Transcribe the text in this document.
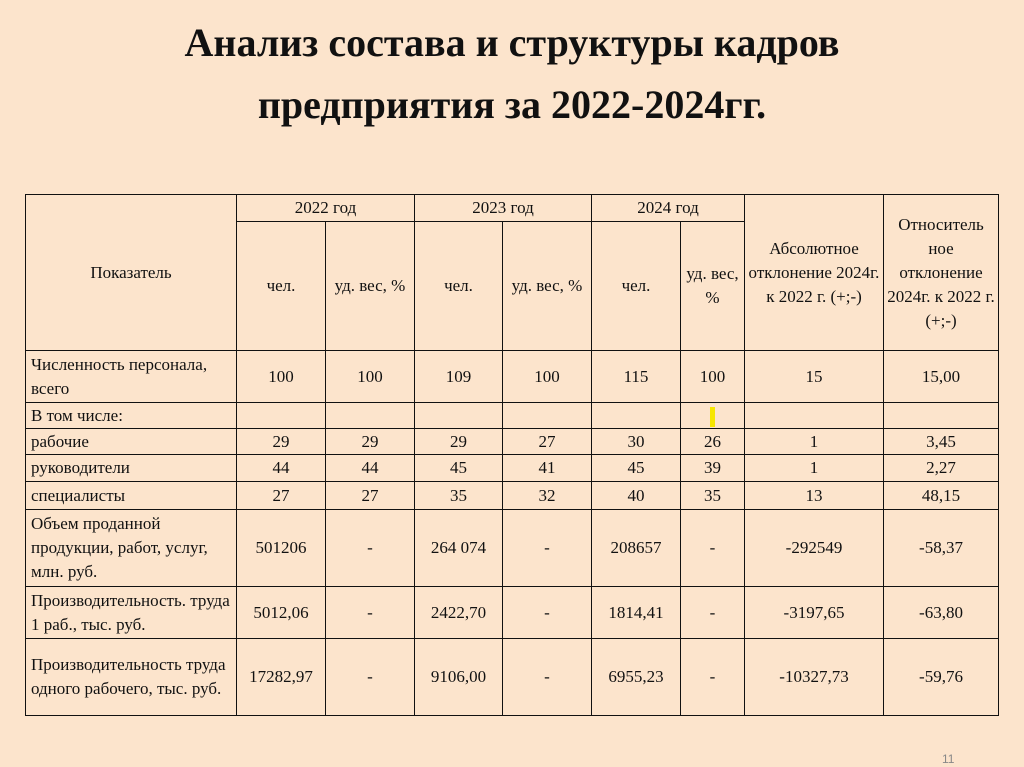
Анализ состава и структуры кадров
предприятия за 2022-2024гг.
Показатель	2022 год		2023 год		2024 год		Абсолютное отклонение 2024г. к 2022 г. (+;-)	Относитель ное отклонение 2024г. к 2022 г. (+;-)
	чел.	уд. вес, %	чел.	уд. вес, %	чел.	уд. вес, %		
Численность персонала, всего	100	100	109	100	115	100	15	15,00
В том числе:								
рабочие	29	29	29	27	30	26	1	3,45
руководители	44	44	45	41	45	39	1	2,27
специалисты	27	27	35	32	40	35	13	48,15
Объем проданной продукции, работ, услуг, млн. руб.	501206	-	264 074	-	208657	-	-292549	-58,37
Производительность. труда 1 раб., тыс. руб.	5012,06	-	2422,70	-	1814,41	-	-3197,65	-63,80
Производительность труда одного рабочего, тыс. руб.	17282,97	-	9106,00	-	6955,23	-	-10327,73	-59,76
11
